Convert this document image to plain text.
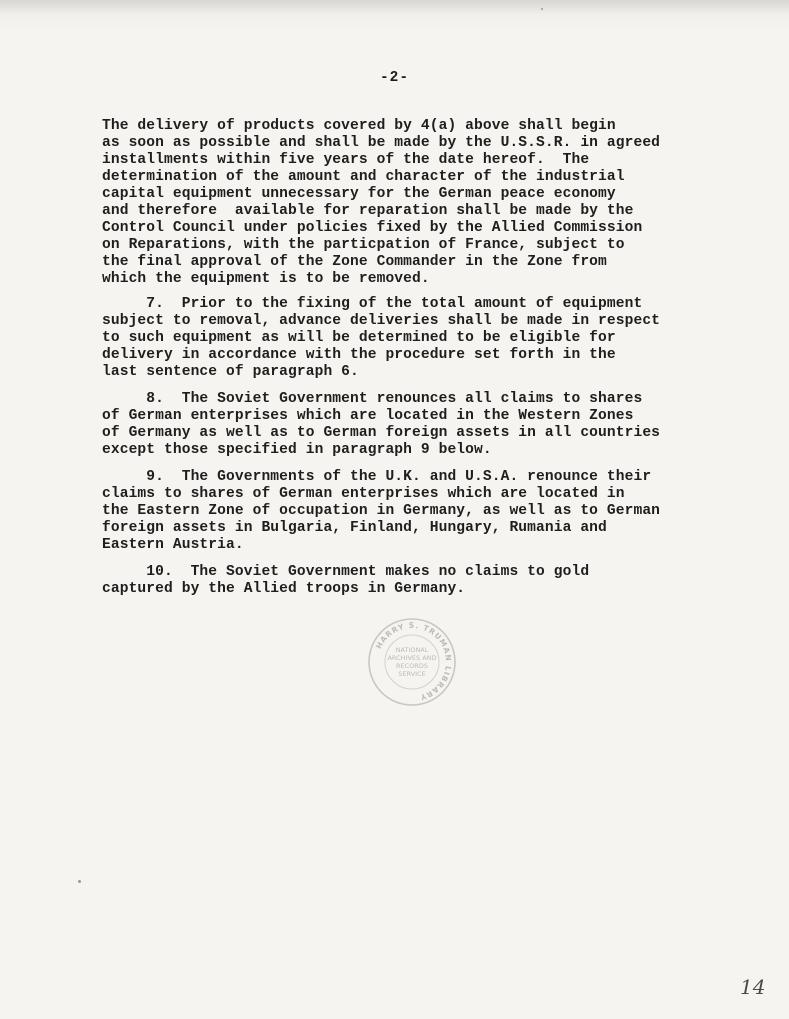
-2-
The delivery of products covered by 4(a) above shall begin
as soon as possible and shall be made by the U.S.S.R. in agreed
installments within five years of the date hereof.  The
determination of the amount and character of the industrial
capital equipment unnecessary for the German peace economy
and therefore  available for reparation shall be made by the
Control Council under policies fixed by the Allied Commission
on Reparations, with the particpation of France, subject to
the final approval of the Zone Commander in the Zone from
which the equipment is to be removed.
7.  Prior to the fixing of the total amount of equipment
subject to removal, advance deliveries shall be made in respect
to such equipment as will be determined to be eligible for
delivery in accordance with the procedure set forth in the
last sentence of paragraph 6.
8.  The Soviet Government renounces all claims to shares
of German enterprises which are located in the Western Zones
of Germany as well as to German foreign assets in all countries
except those specified in paragraph 9 below.
9.  The Governments of the U.K. and U.S.A. renounce their
claims to shares of German enterprises which are located in
the Eastern Zone of occupation in Germany, as well as to German
foreign assets in Bulgaria, Finland, Hungary, Rumania and
Eastern Austria.
10.  The Soviet Government makes no claims to gold
captured by the Allied troops in Germany.
HARRY S. TRUMAN LIBRARY
NATIONAL
ARCHIVES AND
RECORDS
SERVICE
14
